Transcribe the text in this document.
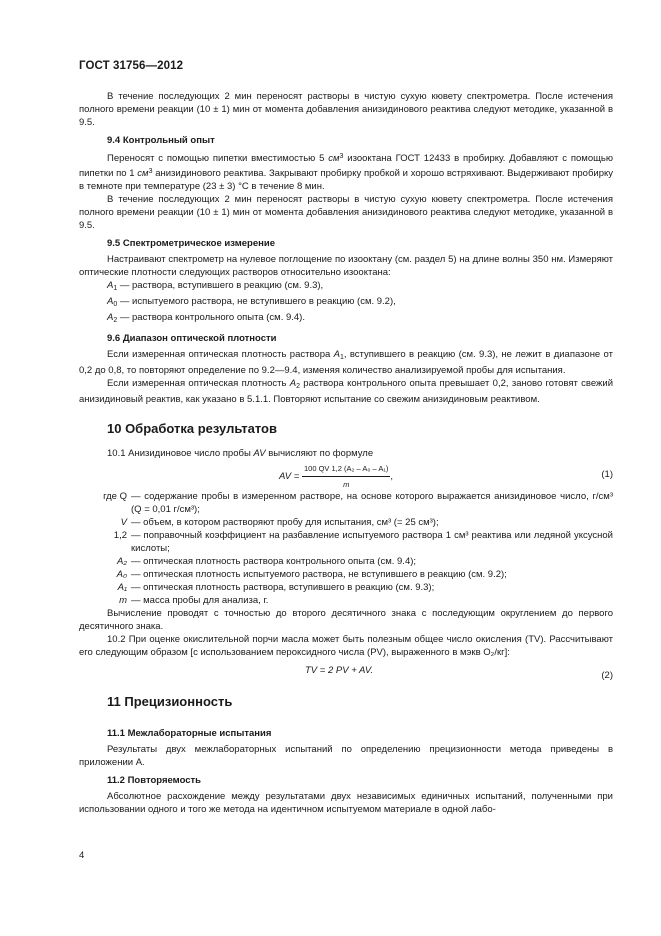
ГОСТ 31756—2012

В течение последующих 2 мин переносят растворы в чистую сухую кювету спектрометра. После истечения полного времени реакции (10 ± 1) мин от момента добавления анизидинового реактива следуют методике, указанной в 9.5.

9.4 Контрольный опыт

Переносят с помощью пипетки вместимостью 5 $см^3$ изооктана ГОСТ 12433 в пробирку. Добавляют с помощью пипетки по 1 $см^3$ анизидинового реактива. Закрывают пробирку пробкой и хорошо встряхивают. Выдерживают пробирку в темноте при температуре (23 ± 3) °С в течение 8 мин.

В течение последующих 2 мин переносят растворы в чистую сухую кювету спектрометра. После истечения полного времени реакции (10 ± 1) мин от момента добавления анизидинового реактива следуют методике, указанной в 9.5.

9.5 Спектрометрическое измерение

Настраивают спектрометр на нулевое поглощение по изооктану (см. раздел 5) на длине волны 350 нм. Измеряют оптические плотности следующих растворов относительно изооктана:

$A_1$ — раствора, вступившего в реакцию (см. 9.3),

$A_0$ — испытуемого раствора, не вступившего в реакцию (см. 9.2),

$A_2$ — раствора контрольного опыта (см. 9.4).

9.6 Диапазон оптической плотности

Если измеренная оптическая плотность раствора $A_1$, вступившего в реакцию (см. 9.3), не лежит в диапазоне от 0,2 до 0,8, то повторяют определение по 9.2—9.4, изменяя количество анализируемой пробы для испытания.

Если измеренная оптическая плотность $A_2$ раствора контрольного опыта превышает 0,2, заново готовят свежий анизидиновый реактив, как указано в 5.1.1. Повторяют испытание со свежим анизидиновым реактивом.

10 Обработка результатов

10.1 Анизидиновое число пробы AV вычисляют по формуле

AV = $\frac{\text{100 QV 1,2 (A₂ – A₀ – A₁)}}{m}$ ,	(1)
где Q — содержание пробы в измеренном растворе, на основе которого выражается анизидиновое число, г/см³ (Q = 0,01 г/см³);
V — объем, в котором растворяют пробу для испытания, см³ (= 25 см³);
1,2 — поправочный коэффициент на разбавление испытуемого раствора 1 см³ реактива или ледяной уксусной кислоты;
A₂ — оптическая плотность раствора контрольного опыта (см. 9.4);
A₀ — оптическая плотность испытуемого раствора, не вступившего в реакцию (см. 9.2);
A₁ — оптическая плотность раствора, вступившего в реакцию (см. 9.3);
m — масса пробы для анализа, г.

Вычисление проводят с точностью до второго десятичного знака с последующим округлением до первого десятичного знака.

10.2 При оценке окислительной порчи масла может быть полезным общее число окисления (TV). Рассчитывают его следующим образом [с использованием пероксидного числа (PV), выраженного в мэкв O₂/кг]:

TV = 2 PV + AV.	(2)

11 Прецизионность

11.1 Межлабораторные испытания

Результаты двух межлабораторных испытаний по определению прецизионности метода приведены в приложении А.

11.2 Повторяемость

Абсолютное расхождение между результатами двух независимых единичных испытаний, полученными при использовании одного и того же метода на идентичном испытуемом материале в одной лабо-

4
